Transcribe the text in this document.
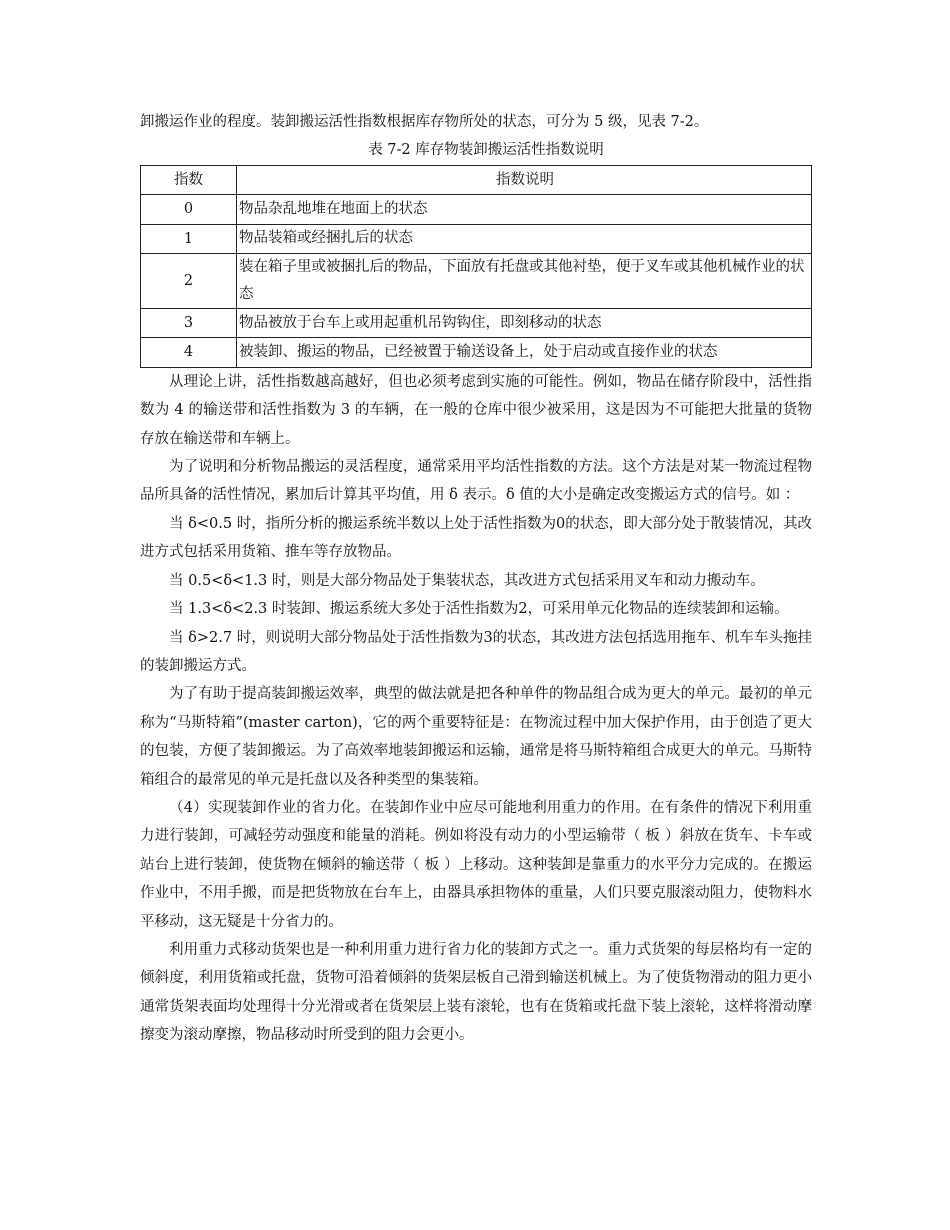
卸搬运作业的程度。装卸搬运活性指数根据库存物所处的状态，可分为 5 级，见表 7-2。

表 7-2 库存物装卸搬运活性指数说明

指数	指数说明
0	物品杂乱地堆在地面上的状态
1	物品装箱或经捆扎后的状态
2	装在箱子里或被捆扎后的物品，下面放有托盘或其他衬垫，便于叉车或其他机械作业的状态
3	物品被放于台车上或用起重机吊钩钩住，即刻移动的状态
4	被装卸、搬运的物品，已经被置于输送设备上，处于启动或直接作业的状态

从理论上讲，活性指数越高越好，但也必须考虑到实施的可能性。例如，物品在储存阶段中，活性指数为 4 的输送带和活性指数为 3 的车辆，在一般的仓库中很少被采用，这是因为不可能把大批量的货物存放在输送带和车辆上。

为了说明和分析物品搬运的灵活程度，通常采用平均活性指数的方法。这个方法是对某一物流过程物品所具备的活性情况，累加后计算其平均值，用 δ 表示。δ 值的大小是确定改变搬运方式的信号。如 ：

当 δ<0.5 时，指所分析的搬运系统半数以上处于活性指数为0的状态，即大部分处于散装情况，其改进方式包括采用货箱、推车等存放物品。

当 0.5<δ<1.3 时，则是大部分物品处于集装状态，其改进方式包括采用叉车和动力搬动车。

当 1.3<δ<2.3 时装卸、搬运系统大多处于活性指数为2，可采用单元化物品的连续装卸和运输。

当 δ>2.7 时，则说明大部分物品处于活性指数为3的状态，其改进方法包括选用拖车、机车车头拖挂的装卸搬运方式。

为了有助于提高装卸搬运效率，典型的做法就是把各种单件的物品组合成为更大的单元。最初的单元称为“马斯特箱”(master carton)，它的两个重要特征是：在物流过程中加大保护作用，由于创造了更大的包装，方便了装卸搬运。为了高效率地装卸搬运和运输，通常是将马斯特箱组合成更大的单元。马斯特箱组合的最常见的单元是托盘以及各种类型的集装箱。

（4）实现装卸作业的省力化。在装卸作业中应尽可能地利用重力的作用。在有条件的情况下利用重力进行装卸，可减轻劳动强度和能量的消耗。例如将没有动力的小型运输带（ 板 ）斜放在货车、卡车或站台上进行装卸，使货物在倾斜的输送带（ 板 ）上移动。这种装卸是靠重力的水平分力完成的。在搬运作业中，不用手搬，而是把货物放在台车上，由器具承担物体的重量，人们只要克服滚动阻力，使物料水平移动，这无疑是十分省力的。

利用重力式移动货架也是一种利用重力进行省力化的装卸方式之一。重力式货架的每层格均有一定的倾斜度，利用货箱或托盘，货物可沿着倾斜的货架层板自己滑到输送机械上。为了使货物滑动的阻力更小通常货架表面均处理得十分光滑或者在货架层上装有滚轮，也有在货箱或托盘下装上滚轮，这样将滑动摩擦变为滚动摩擦，物品移动时所受到的阻力会更小。
